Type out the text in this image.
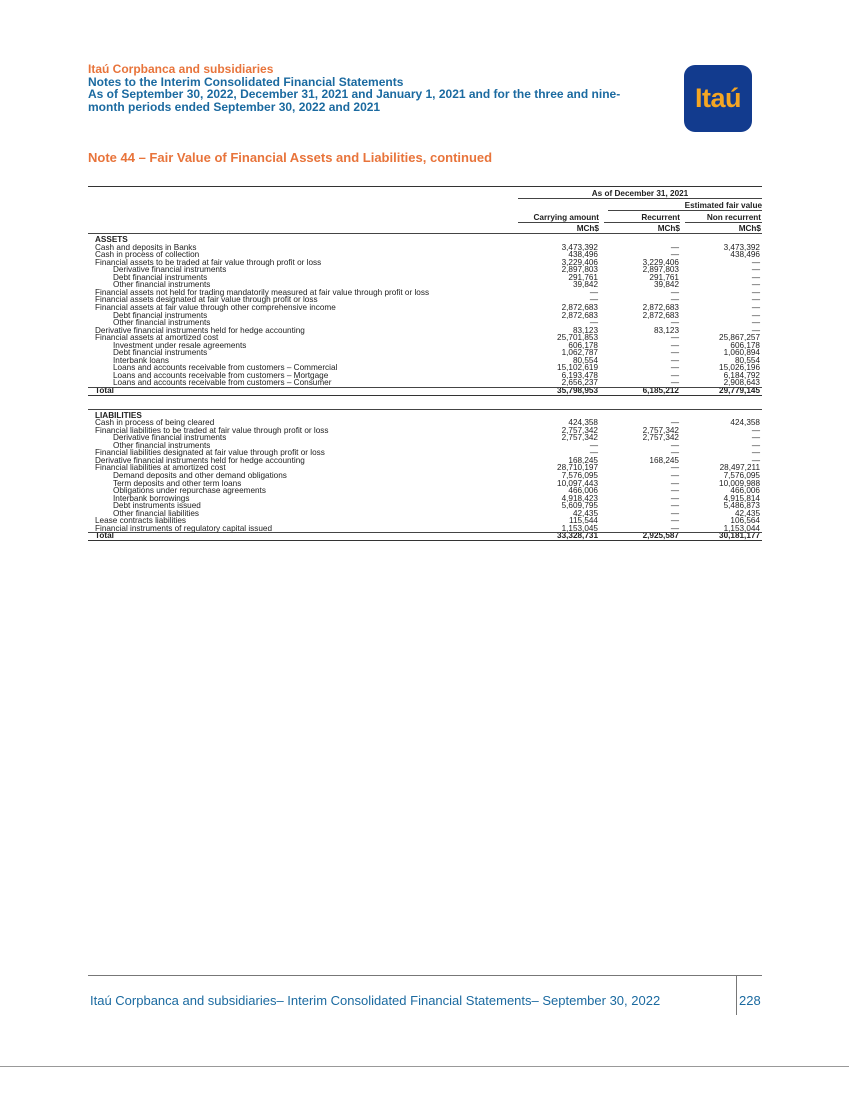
Itaú Corpbanca and subsidiaries
Notes to the Interim Consolidated Financial Statements
As of September 30, 2022, December 31, 2021 and January 1, 2021 and for the three and nine-
month periods ended September 30, 2022 and 2021	Itaú
Note 44 – Fair Value of Financial Assets and Liabilities, continued
As of December 31, 2021
Estimated fair value
Carrying amount	Recurrent	Non recurrent
MCh$	MCh$	MCh$
ASSETS
Cash and deposits in Banks	3,473,392	—	3,473,392
Cash in process of collection	438,496	—	438,496
Financial assets to be traded at fair value through profit or loss	3,229,406	3,229,406	—
Derivative financial instruments	2,897,803	2,897,803	—
Debt financial instruments	291,761	291,761	—
Other financial instruments	39,842	39,842	—
Financial assets not held for trading mandatorily measured at fair value through profit or loss	—	—	—
Financial assets designated at fair value through profit or loss	—	—	—
Financial assets at fair value through other comprehensive income	2,872,683	2,872,683	—
Debt financial instruments	2,872,683	2,872,683	—
Other financial instruments	—	—	—
Derivative financial instruments held for hedge accounting	83,123	83,123	—
Financial assets at amortized cost	25,701,853	—	25,867,257
Investment under resale agreements	606,178	—	606,178
Debt financial instruments	1,062,787	—	1,060,894
Interbank loans	80,554	—	80,554
Loans and accounts receivable from customers – Commercial	15,102,619	—	15,026,196
Loans and accounts receivable from customers – Mortgage	6,193,478	—	6,184,792
Loans and accounts receivable from customers – Consumer	2,656,237	—	2,908,643
Total	35,798,953	6,185,212	29,779,145
LIABILITIES
Cash in process of being cleared	424,358	—	424,358
Financial liabilities to be traded at fair value through profit or loss	2,757,342	2,757,342	—
Derivative financial instruments	2,757,342	2,757,342	—
Other financial instruments	—	—	—
Financial liabilities designated at fair value through profit or loss	—	—	—
Derivative financial instruments held for hedge accounting	168,245	168,245	—
Financial liabilities at amortized cost	28,710,197	—	28,497,211
Demand deposits and other demand obligations	7,576,095	—	7,576,095
Term deposits and other term loans	10,097,443	—	10,009,988
Obligations under repurchase agreements	466,006	—	466,006
Interbank borrowings	4,918,423	—	4,915,814
Debt instruments issued	5,609,795	—	5,486,873
Other financial liabilities	42,435	—	42,435
Lease contracts liabilities	115,544	—	106,564
Financial instruments of regulatory capital issued	1,153,045	—	1,153,044
Total	33,328,731	2,925,587	30,181,177
Itaú Corpbanca and subsidiaries– Interim Consolidated Financial Statements– September 30, 2022	228
